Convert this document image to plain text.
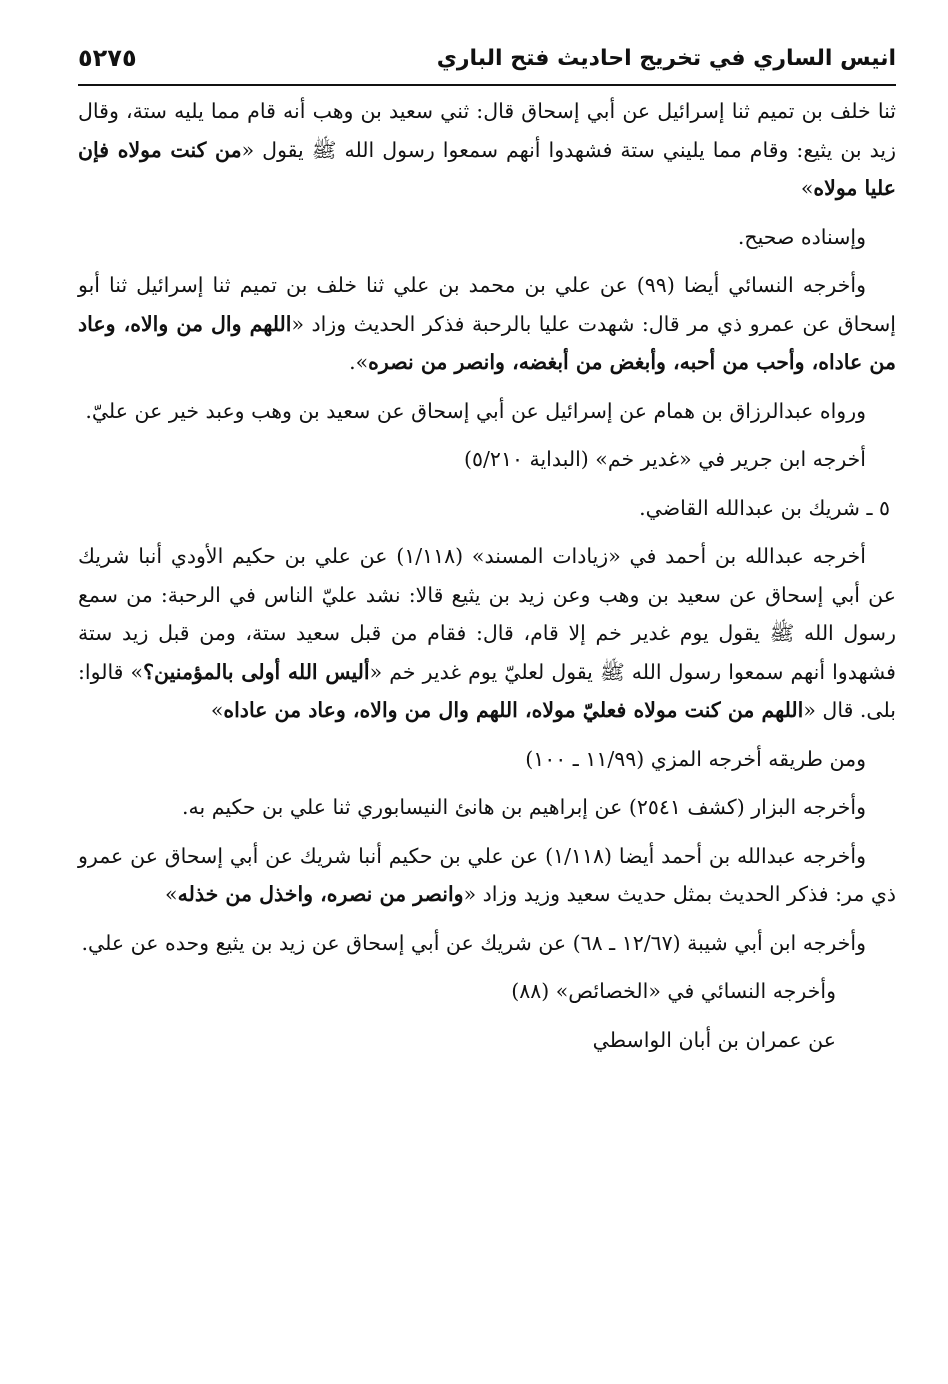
انيس الساري في تخريج احاديث فتح الباري
٥٢٧٥

ثنا خلف بن تميم ثنا إسرائيل عن أبي إسحاق قال: ثني سعيد بن وهب أنه قام مما يليه ستة، وقال زيد بن يثيع: وقام مما يليني ستة فشهدوا أنهم سمعوا رسول الله ﷺ يقول «من كنت مولاه فإن عليا مولاه»

وإسناده صحيح.

وأخرجه النسائي أيضا (٩٩) عن علي بن محمد بن علي ثنا خلف بن تميم ثنا إسرائيل ثنا أبو إسحاق عن عمرو ذي مر قال: شهدت عليا بالرحبة فذكر الحديث وزاد «اللهم وال من والاه، وعاد من عاداه، وأحب من أحبه، وأبغض من أبغضه، وانصر من نصره».

ورواه عبدالرزاق بن همام عن إسرائيل عن أبي إسحاق عن سعيد بن وهب وعبد خير عن عليّ.

أخرجه ابن جرير في «غدير خم» (البداية ٥/٢١٠)

٥ ـ شريك بن عبدالله القاضي.

أخرجه عبدالله بن أحمد في «زيادات المسند» (١/١١٨) عن علي بن حكيم الأودي أنبا شريك عن أبي إسحاق عن سعيد بن وهب وعن زيد بن يثيع قالا: نشد عليّ الناس في الرحبة: من سمع رسول الله ﷺ يقول يوم غدير خم إلا قام، قال: فقام من قبل سعيد ستة، ومن قبل زيد ستة فشهدوا أنهم سمعوا رسول الله ﷺ يقول لعليّ يوم غدير خم «أليس الله أولى بالمؤمنين؟» قالوا: بلى. قال «اللهم من كنت مولاه فعليّ مولاه، اللهم وال من والاه، وعاد من عاداه»

ومن طريقه أخرجه المزي (١١/٩٩ ـ ١٠٠)

وأخرجه البزار (كشف ٢٥٤١) عن إبراهيم بن هانئ النيسابوري ثنا علي بن حكيم به.

وأخرجه عبدالله بن أحمد أيضا (١/١١٨) عن علي بن حكيم أنبا شريك عن أبي إسحاق عن عمرو ذي مر: فذكر الحديث بمثل حديث سعيد وزيد وزاد «وانصر من نصره، واخذل من خذله»

وأخرجه ابن أبي شيبة (١٢/٦٧ ـ ٦٨) عن شريك عن أبي إسحاق عن زيد بن يثيع وحده عن علي.

وأخرجه النسائي في «الخصائص» (٨٨)

عن عمران بن أبان الواسطي
